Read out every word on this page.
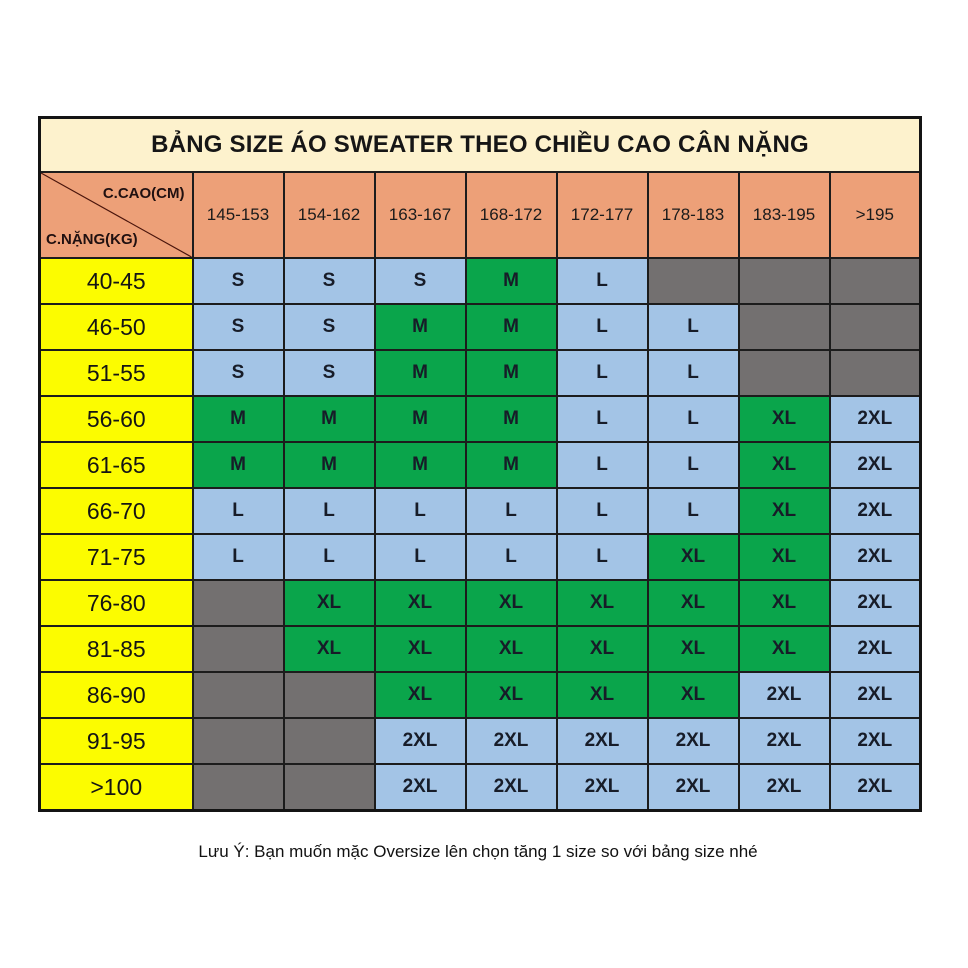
BẢNG SIZE ÁO SWEATER THEO CHIỀU CAO CÂN NẶNG								

C.CAO(CM)
C.NẶNG(KG)	145-153	154-162	163-167	168-172	172-177	178-183	183-195	>195
40-45	S	S	S	M	L			
46-50	S	S	M	M	L	L		
51-55	S	S	M	M	L	L		
56-60	M	M	M	M	L	L	XL	2XL
61-65	M	M	M	M	L	L	XL	2XL
66-70	L	L	L	L	L	L	XL	2XL
71-75	L	L	L	L	L	XL	XL	2XL
76-80		XL	XL	XL	XL	XL	XL	2XL
81-85		XL	XL	XL	XL	XL	XL	2XL
86-90			XL	XL	XL	XL	2XL	2XL
91-95			2XL	2XL	2XL	2XL	2XL	2XL
>100			2XL	2XL	2XL	2XL	2XL	2XL
Lưu Ý: Bạn muốn mặc Oversize lên chọn tăng 1 size so với bảng size nhé
